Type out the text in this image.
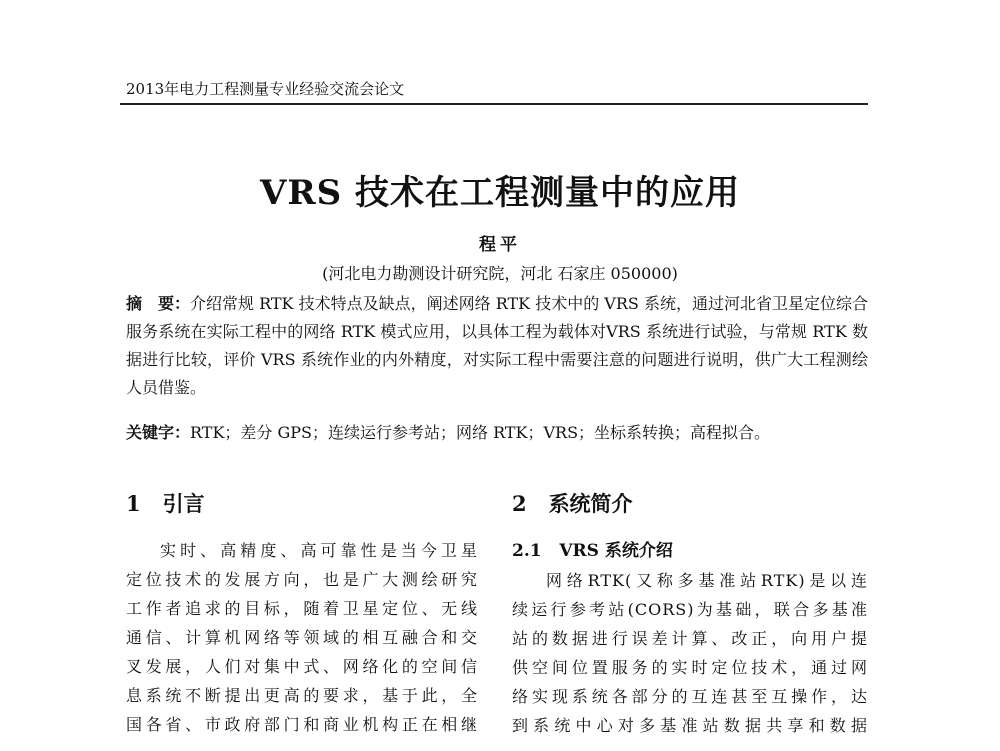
2013年电力工程测量专业经验交流会论文
VRS 技术在工程测量中的应用
程平
(河北电力勘测设计研究院，河北 石家庄 050000)
摘　要：介绍常规 RTK 技术特点及缺点，阐述网络 RTK 技术中的 VRS 系统，通过河北省卫星定位综合服务系统在实际工程中的网络 RTK 模式应用，以具体工程为载体对VRS 系统进行试验，与常规 RTK 数据进行比较，评价 VRS 系统作业的内外精度，对实际工程中需要注意的问题进行说明，供广大工程测绘人员借鉴。
关键字：RTK；差分 GPS；连续运行参考站；网络 RTK；VRS；坐标系转换；高程拟合。
1 引言
实时、高精度、高可靠性是当今卫星
定位技术的发展方向，也是广大测绘研究
工作者追求的目标，随着卫星定位、无线
通信、计算机网络等领域的相互融合和交
叉发展，人们对集中式、网络化的空间信
息系统不断提出更高的要求，基于此，全
国各省、市政府部门和商业机构正在相继
2 系统简介
2.1 VRS 系统介绍
网络RTK(又称多基准站RTK)是以连
续运行参考站(CORS)为基础，联合多基准
站的数据进行误差计算、改正，向用户提
供空间位置服务的实时定位技术，通过网
络实现系统各部分的互连甚至互操作，达
到系统中心对多基准站数据共享和数据
